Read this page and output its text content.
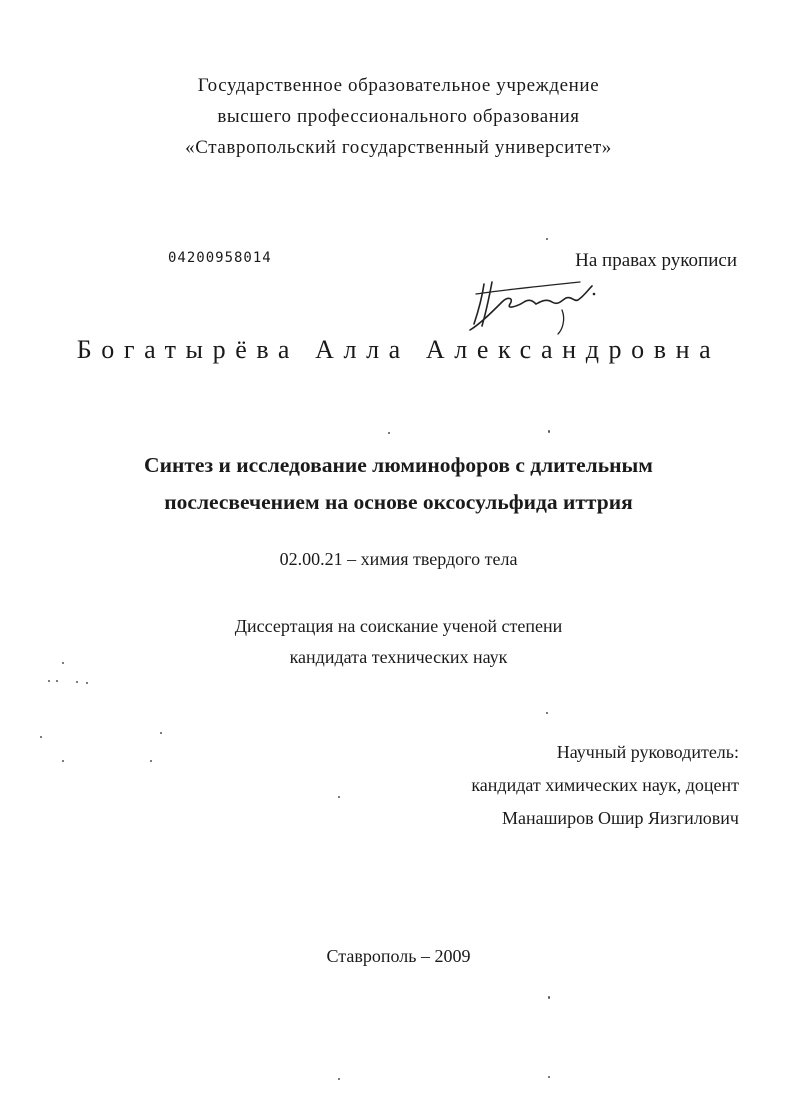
Государственное образовательное учреждение
высшего профессионального образования
«Ставропольский государственный университет»
04200958014	На правах рукописи
Богатырёва Алла Александровна
Синтез и исследование люминофоров с длительным
послесвечением на основе оксосульфида иттрия
02.00.21 – химия твердого тела
Диссертация на соискание ученой степени
кандидата технических наук
Научный руководитель:
кандидат химических наук, доцент
Манаширов Ошир Яизгилович
Ставрополь – 2009
